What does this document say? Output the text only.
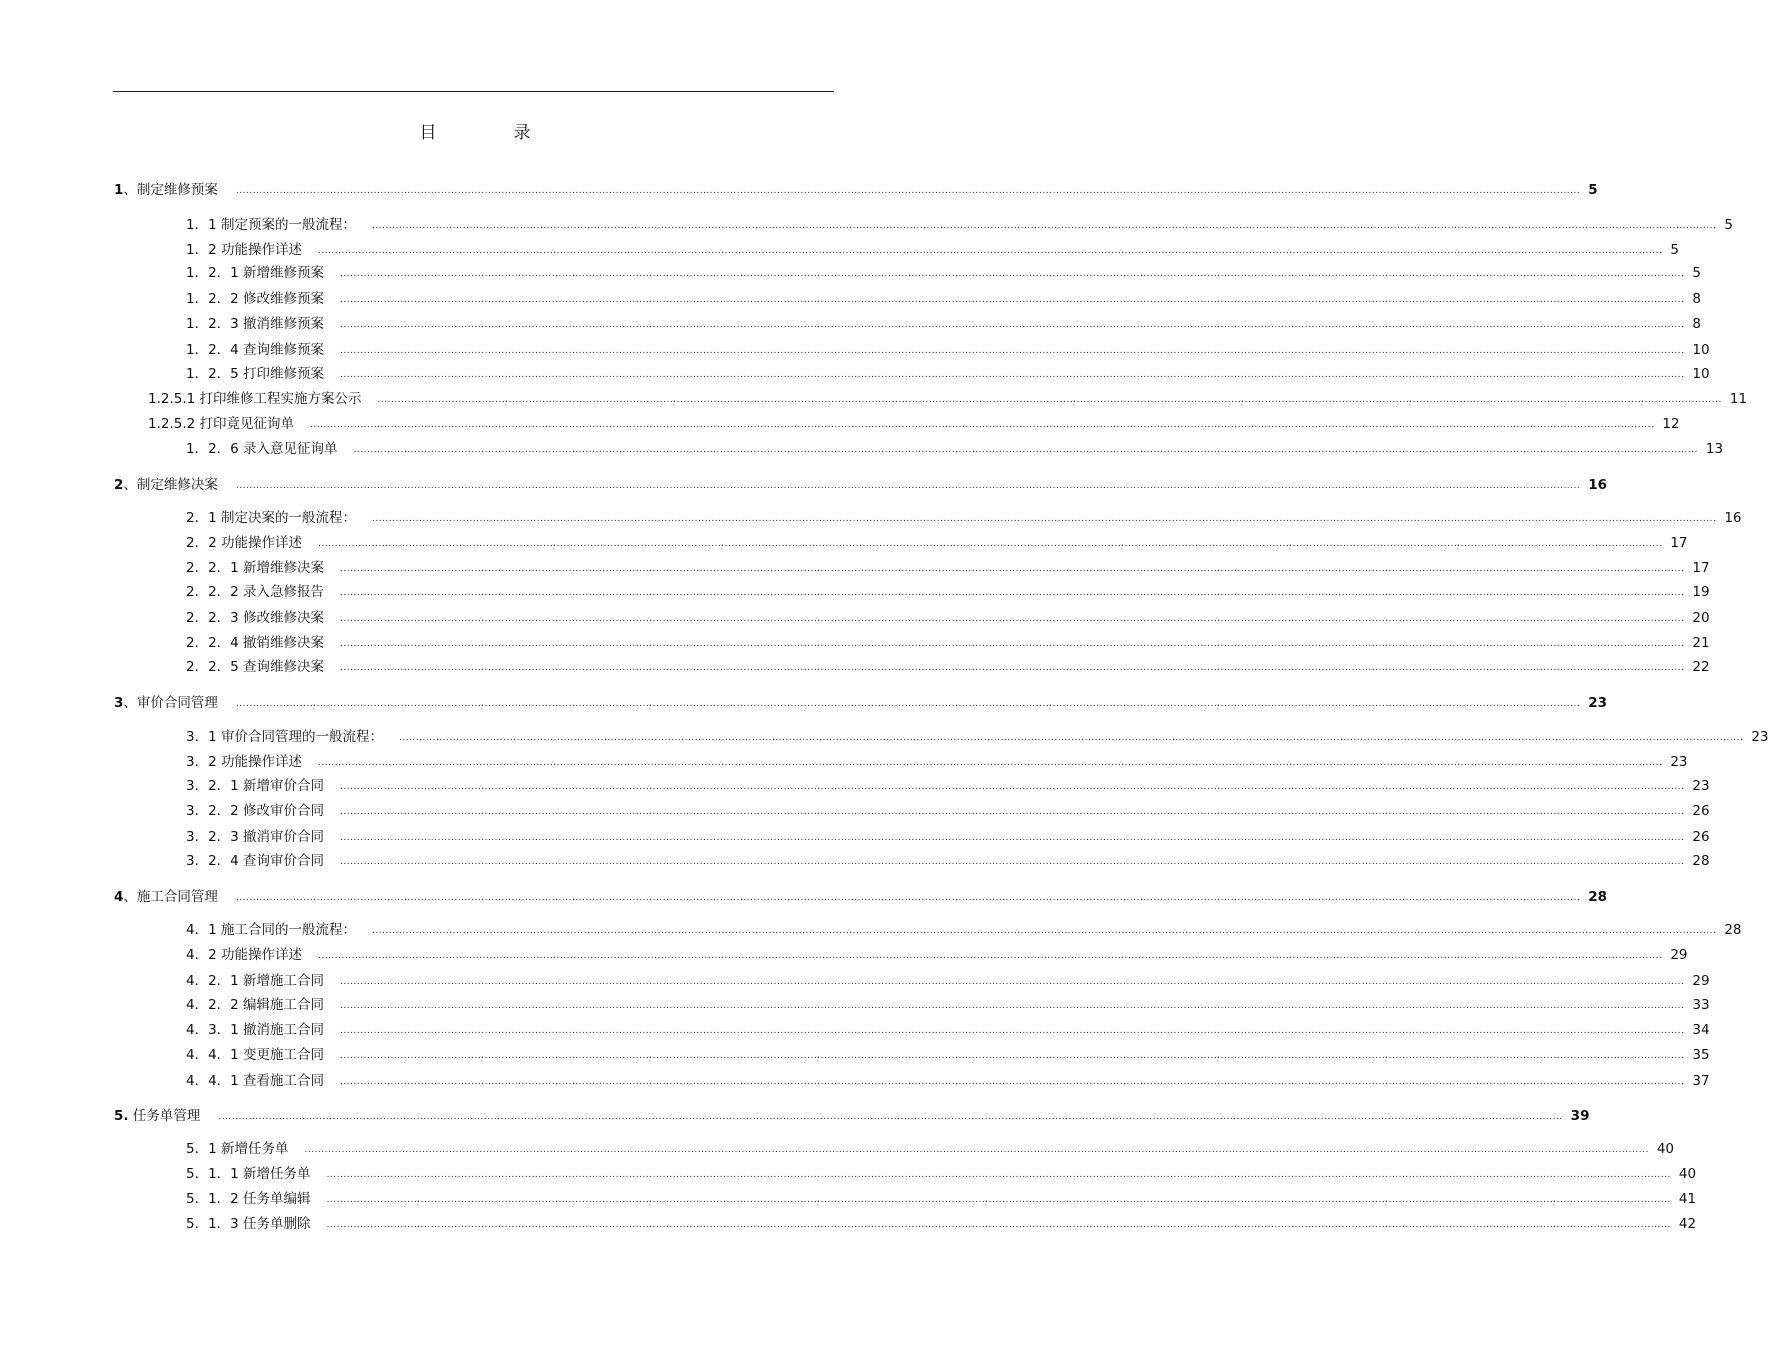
目　录
1 、制定维修预案 ................................................................................................................................................................................................................................................................................................................................................................................................................ 5
1．1 制定预案的一般流程： ................................................................................................................................................................................................................................................................................................................................................................................................................ 5
1．2 功能操作详述 ................................................................................................................................................................................................................................................................................................................................................................................................................ 5
1．2．1 新增维修预案 ................................................................................................................................................................................................................................................................................................................................................................................................................ 5
1．2．2 修改维修预案 ................................................................................................................................................................................................................................................................................................................................................................................................................ 8
1．2．3 撤消维修预案 ................................................................................................................................................................................................................................................................................................................................................................................................................ 8
1．2．4 查询维修预案 ................................................................................................................................................................................................................................................................................................................................................................................................................ 10
1．2．5 打印维修预案 ................................................................................................................................................................................................................................................................................................................................................................................................................ 10
1.2.5.1 打印维修工程实施方案公示 ................................................................................................................................................................................................................................................................................................................................................................................................................ 11
1.2.5.2 打印竟见征询单 ................................................................................................................................................................................................................................................................................................................................................................................................................ 12
1．2．6 录入意见征询单 ................................................................................................................................................................................................................................................................................................................................................................................................................ 13
2 、制定维修决案 ................................................................................................................................................................................................................................................................................................................................................................................................................ 16
2．1 制定决案的一般流程： ................................................................................................................................................................................................................................................................................................................................................................................................................ 16
2．2 功能操作详述 ................................................................................................................................................................................................................................................................................................................................................................................................................ 17
2．2．1 新增维修决案 ................................................................................................................................................................................................................................................................................................................................................................................................................ 17
2．2．2 录入急修报告 ................................................................................................................................................................................................................................................................................................................................................................................................................ 19
2．2．3 修改维修决案 ................................................................................................................................................................................................................................................................................................................................................................................................................ 20
2．2．4 撤销维修决案 ................................................................................................................................................................................................................................................................................................................................................................................................................ 21
2．2．5 查询维修决案 ................................................................................................................................................................................................................................................................................................................................................................................................................ 22
3 、审价合同管理 ................................................................................................................................................................................................................................................................................................................................................................................................................ 23
3．1 审价合同管理的一般流程： ................................................................................................................................................................................................................................................................................................................................................................................................................ 23
3．2 功能操作详述 ................................................................................................................................................................................................................................................................................................................................................................................................................ 23
3．2．1 新增审价合同 ................................................................................................................................................................................................................................................................................................................................................................................................................ 23
3．2．2 修改审价合同 ................................................................................................................................................................................................................................................................................................................................................................................................................ 26
3．2．3 撤消审价合同 ................................................................................................................................................................................................................................................................................................................................................................................................................ 26
3．2．4 查询审价合同 ................................................................................................................................................................................................................................................................................................................................................................................................................ 28
4 、施工合同管理 ................................................................................................................................................................................................................................................................................................................................................................................................................ 28
4．1 施工合同的一般流程： ................................................................................................................................................................................................................................................................................................................................................................................................................ 28
4．2 功能操作详述 ................................................................................................................................................................................................................................................................................................................................................................................................................ 29
4．2．1 新增施工合同 ................................................................................................................................................................................................................................................................................................................................................................................................................ 29
4．2．2 编辑施工合同 ................................................................................................................................................................................................................................................................................................................................................................................................................ 33
4．3．1 撤消施工合同 ................................................................................................................................................................................................................................................................................................................................................................................................................ 34
4．4．1 变更施工合同 ................................................................................................................................................................................................................................................................................................................................................................................................................ 35
4．4．1 查看施工合同 ................................................................................................................................................................................................................................................................................................................................................................................................................ 37
5. 任务单管理 ................................................................................................................................................................................................................................................................................................................................................................................................................ 39
5．1 新增任务单 ................................................................................................................................................................................................................................................................................................................................................................................................................ 40
5．1．1 新增任务单 ................................................................................................................................................................................................................................................................................................................................................................................................................ 40
5．1．2 任务单编辑 ................................................................................................................................................................................................................................................................................................................................................................................................................ 41
5．1．3 任务单删除 ................................................................................................................................................................................................................................................................................................................................................................................................................ 42
